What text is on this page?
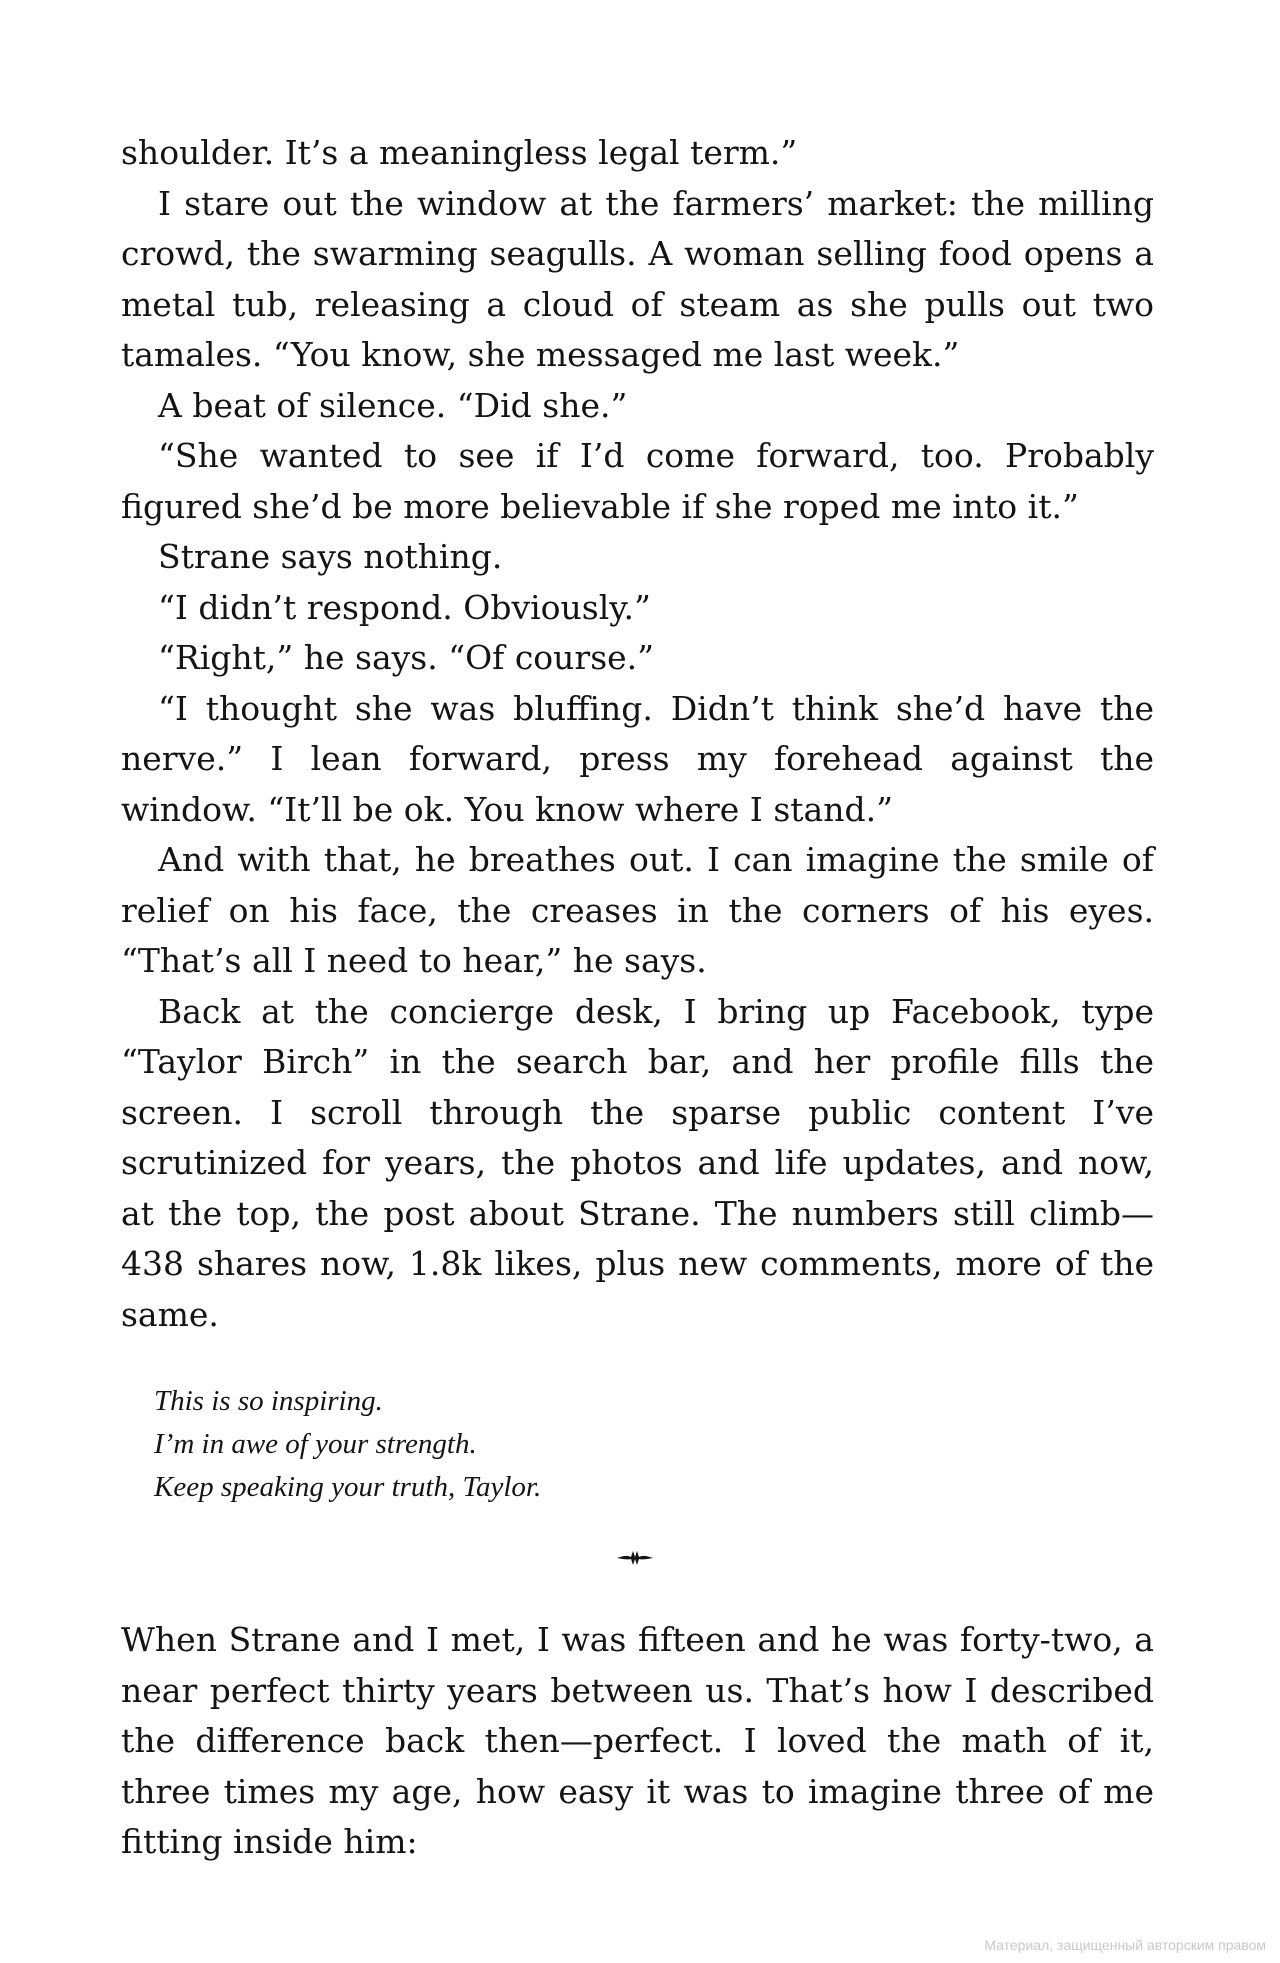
shoulder. It’s a meaningless legal term.”

I stare out the window at the farmers’ market: the milling crowd, the swarming seagulls. A woman selling food opens a metal tub, releasing a cloud of steam as she pulls out two tamales. “You know, she messaged me last week.”

A beat of silence. “Did she.”

“She wanted to see if I’d come forward, too. Probably figured she’d be more believable if she roped me into it.”

Strane says nothing.

“I didn’t respond. Obviously.”

“Right,” he says. “Of course.”

“I thought she was bluffing. Didn’t think she’d have the nerve.” I lean forward, press my forehead against the window. “It’ll be ok. You know where I stand.”

And with that, he breathes out. I can imagine the smile of relief on his face, the creases in the corners of his eyes. “That’s all I need to hear,” he says.

Back at the concierge desk, I bring up Facebook, type “Taylor Birch” in the search bar, and her profile fills the screen. I scroll through the sparse public content I’ve scrutinized for years, the photos and life updates, and now, at the top, the post about Strane. The numbers still climb—438 shares now, 1.8k likes, plus new comments, more of the same.

This is so inspiring.
I’m in awe of your strength.
Keep speaking your truth, Taylor.

When Strane and I met, I was fifteen and he was forty-two, a near perfect thirty years between us. That’s how I described the difference back then—perfect. I loved the math of it, three times my age, how easy it was to imagine three of me fitting inside him:

Материал, защищенный авторским правом
